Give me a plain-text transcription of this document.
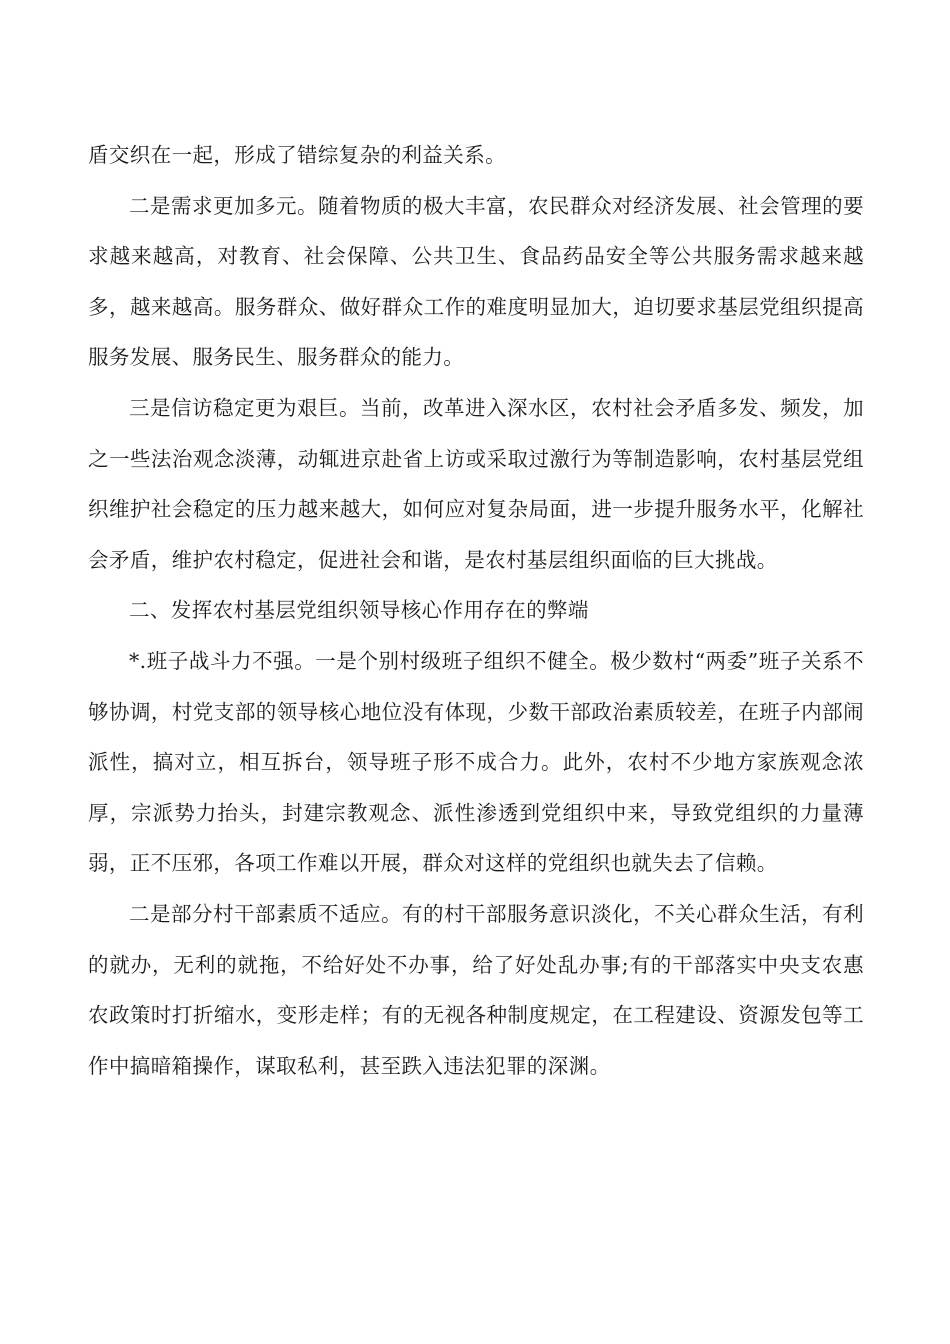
盾交织在一起，形成了错综复杂的利益关系。

二是需求更加多元。随着物质的极大丰富，农民群众对经济发展、社会管理的要求越来越高，对教育、社会保障、公共卫生、食品药品安全等公共服务需求越来越多，越来越高。服务群众、做好群众工作的难度明显加大，迫切要求基层党组织提高服务发展、服务民生、服务群众的能力。

三是信访稳定更为艰巨。当前，改革进入深水区，农村社会矛盾多发、频发，加之一些法治观念淡薄，动辄进京赴省上访或采取过激行为等制造影响，农村基层党组织维护社会稳定的压力越来越大，如何应对复杂局面，进一步提升服务水平，化解社会矛盾，维护农村稳定，促进社会和谐，是农村基层组织面临的巨大挑战。

二、发挥农村基层党组织领导核心作用存在的弊端

*.班子战斗力不强。一是个别村级班子组织不健全。极少数村“两委”班子关系不够协调，村党支部的领导核心地位没有体现，少数干部政治素质较差，在班子内部闹派性，搞对立，相互拆台，领导班子形不成合力。此外，农村不少地方家族观念浓厚，宗派势力抬头，封建宗教观念、派性渗透到党组织中来，导致党组织的力量薄弱，正不压邪，各项工作难以开展，群众对这样的党组织也就失去了信赖。

二是部分村干部素质不适应。有的村干部服务意识淡化，不关心群众生活，有利的就办，无利的就拖，不给好处不办事，给了好处乱办事;有的干部落实中央支农惠农政策时打折缩水，变形走样；有的无视各种制度规定，在工程建设、资源发包等工作中搞暗箱操作，谋取私利，甚至跌入违法犯罪的深渊。
